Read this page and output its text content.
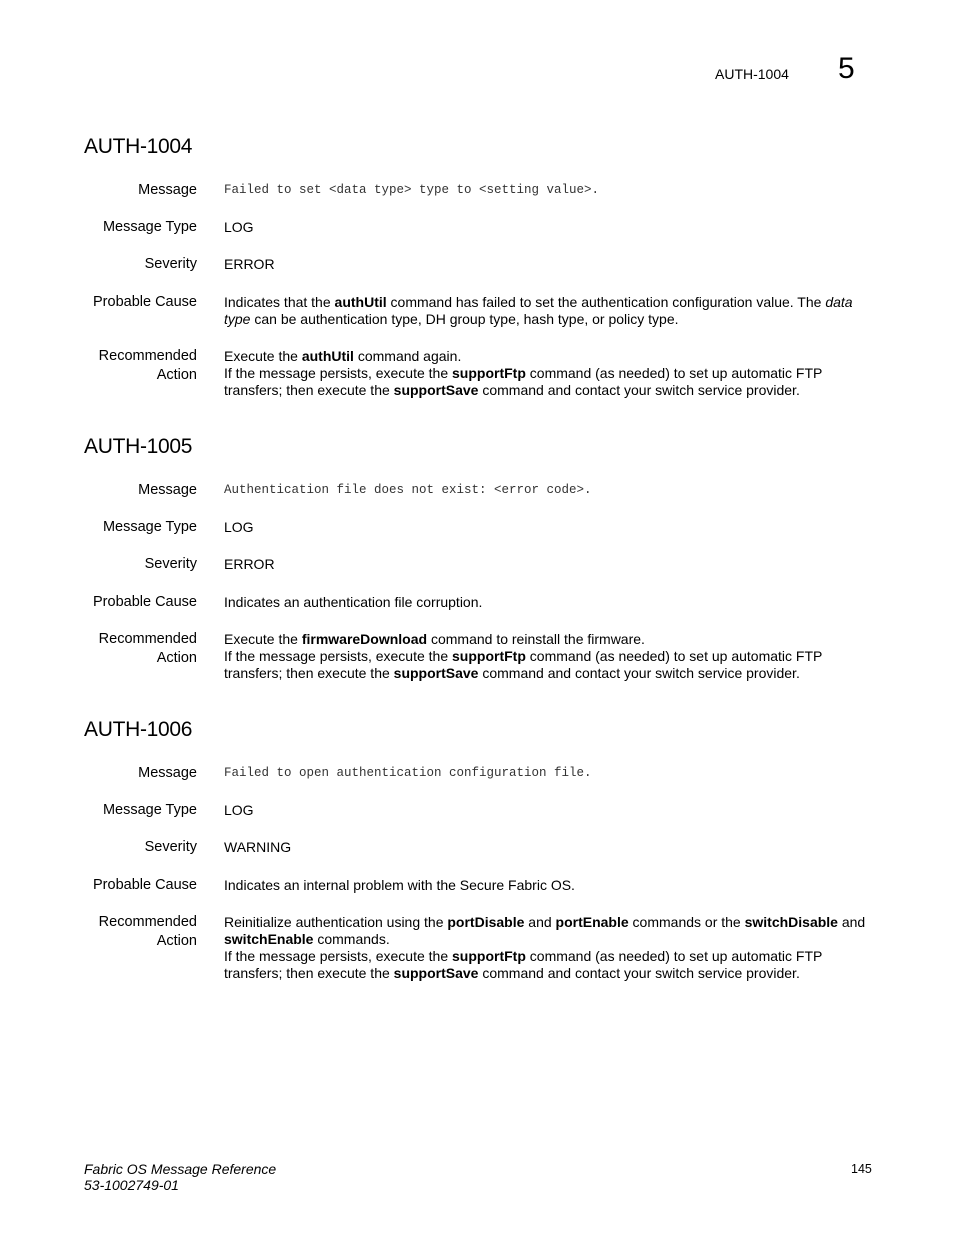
AUTH-1004 5
AUTH-1004
Message Failed to set <data type> type to <setting value>.
Message Type LOG
Severity ERROR
Probable Cause Indicates that the authUtil command has failed to set the authentication configuration value. The data type can be authentication type, DH group type, hash type, or policy type.
Recommended
Action

Execute the authUtil command again.

If the message persists, execute the supportFtp command (as needed) to set up automatic FTP transfers; then execute the supportSave command and contact your switch service provider.

AUTH-1005
Message Authentication file does not exist: <error code>.
Message Type LOG
Severity ERROR
Probable Cause Indicates an authentication file corruption.
Recommended
Action

Execute the firmwareDownload command to reinstall the firmware.

If the message persists, execute the supportFtp command (as needed) to set up automatic FTP transfers; then execute the supportSave command and contact your switch service provider.

AUTH-1006
Message Failed to open authentication configuration file.
Message Type LOG
Severity WARNING
Probable Cause Indicates an internal problem with the Secure Fabric OS.
Recommended
Action

Reinitialize authentication using the portDisable and portEnable commands or the switchDisable and switchEnable commands.

If the message persists, execute the supportFtp command (as needed) to set up automatic FTP transfers; then execute the supportSave command and contact your switch service provider.

Fabric OS Message Reference
53-1002749-01
145
